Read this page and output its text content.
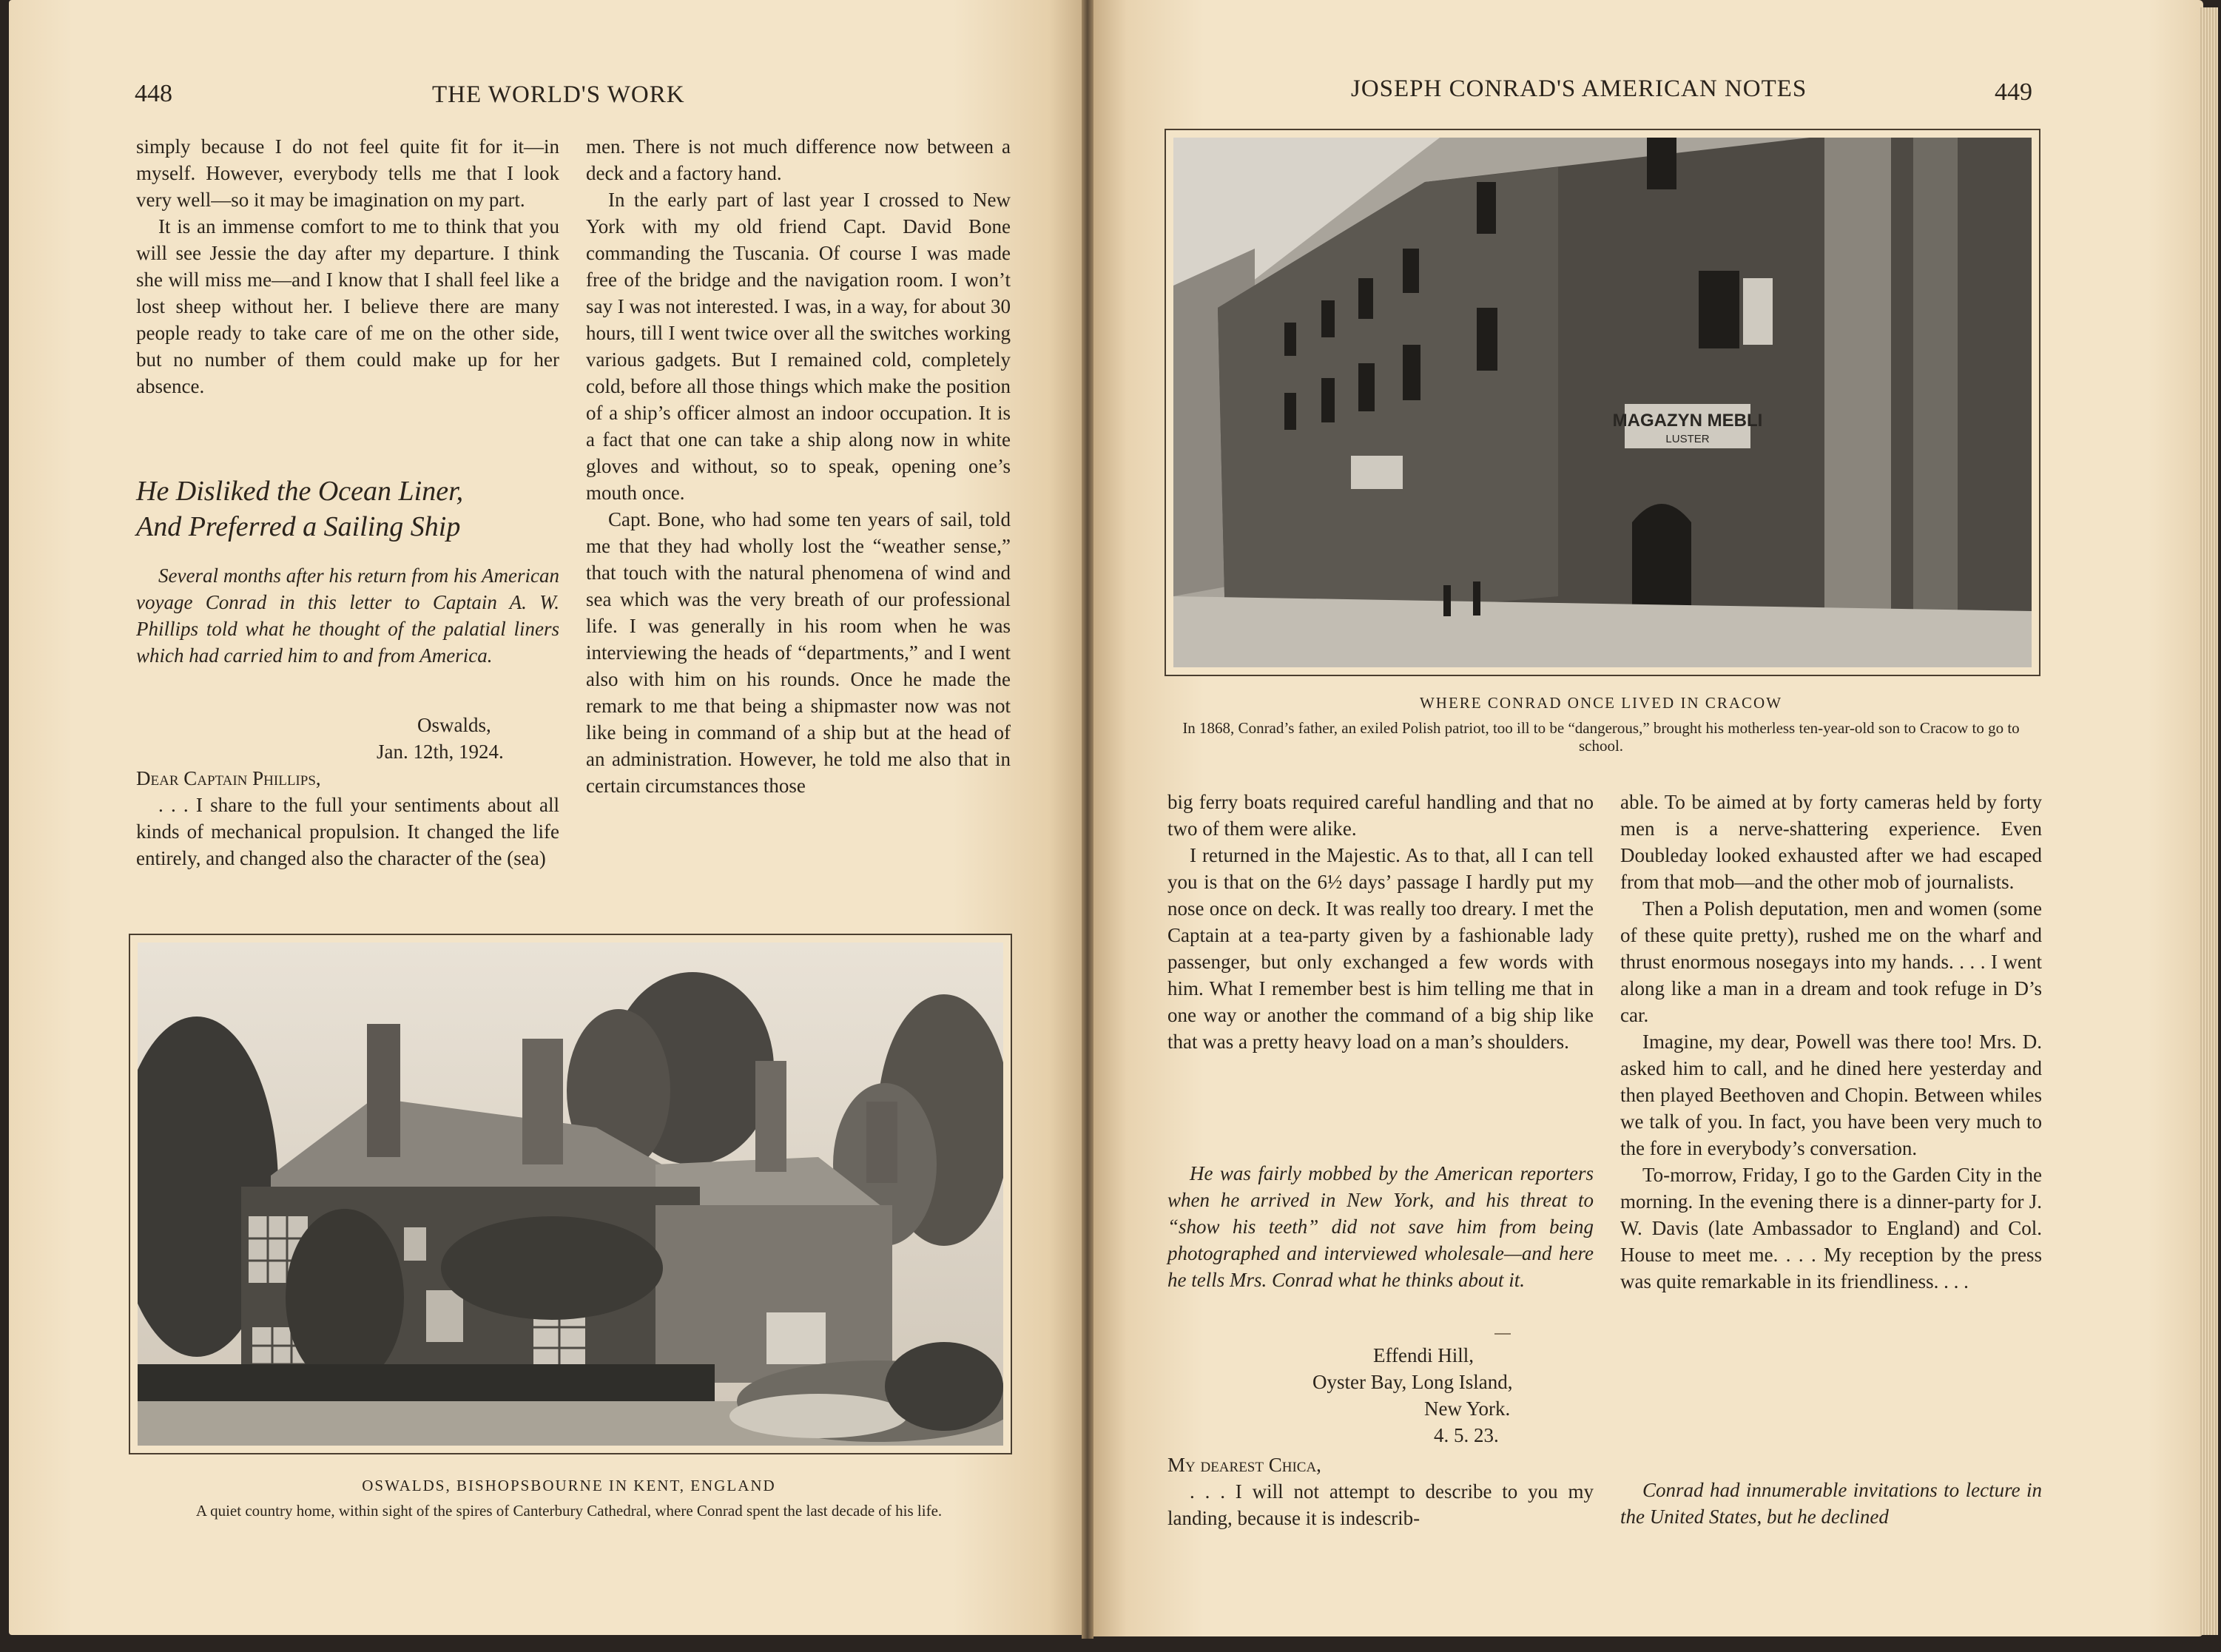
448	THE WORLD'S WORK

simply because I do not feel quite fit for it—in myself. However, everybody tells me that I look very well—so it may be imagination on my part.

It is an immense comfort to me to think that you will see Jessie the day after my departure. I think she will miss me—and I know that I shall feel like a lost sheep without her. I believe there are many people ready to take care of me on the other side, but no number of them could make up for her absence.

He Disliked the Ocean Liner,
And Preferred a Sailing Ship

Several months after his return from his American voyage Conrad in this letter to Captain A. W. Phillips told what he thought of the palatial liners which had carried him to and from America.

Oswalds,

Jan. 12th, 1924.

Dear Captain Phillips,

. . . I share to the full your sentiments about all kinds of mechanical propulsion. It changed the life entirely, and changed also the character of the (sea)

men. There is not much difference now between a deck and a factory hand.

In the early part of last year I crossed to New York with my old friend Capt. David Bone commanding the Tuscania. Of course I was made free of the bridge and the navigation room. I won’t say I was not interested. I was, in a way, for about 30 hours, till I went twice over all the switches working various gadgets. But I remained cold, completely cold, before all those things which make the position of a ship’s officer almost an indoor occupation. It is a fact that one can take a ship along now in white gloves and without, so to speak, opening one’s mouth once.

Capt. Bone, who had some ten years of sail, told me that they had wholly lost the “weather sense,” that touch with the natural phenomena of wind and sea which was the very breath of our professional life. I was generally in his room when he was interviewing the heads of “departments,” and I went also with him on his rounds. Once he made the remark to me that being a shipmaster now was not like being in command of a ship but at the head of an administration. However, he told me also that in certain circumstances those

OSWALDS, BISHOPSBOURNE IN KENT, ENGLAND
A quiet country home, within sight of the spires of Canterbury Cathedral, where Conrad spent the last decade of his life.
JOSEPH CONRAD'S AMERICAN NOTES	449
MAGAZYN MEBLI
LUSTER
WHERE CONRAD ONCE LIVED IN CRACOW
In 1868, Conrad’s father, an exiled Polish patriot, too ill to be “dangerous,” brought his motherless ten-year-old son to Cracow to go to school.

big ferry boats required careful handling and that no two of them were alike.

I returned in the Majestic. As to that, all I can tell you is that on the 6½ days’ passage I hardly put my nose once on deck. It was really too dreary. I met the Captain at a tea-party given by a fashionable lady passenger, but only exchanged a few words with him. What I remember best is him telling me that in one way or another the command of a big ship like that was a pretty heavy load on a man’s shoulders.

He was fairly mobbed by the American reporters when he arrived in New York, and his threat to “show his teeth” did not save him from being photographed and interviewed wholesale—and here he tells Mrs. Conrad what he thinks about it.

Effendi Hill,

Oyster Bay, Long Island,

New York.

4. 5. 23.

My dearest Chica,

. . . I will not attempt to describe to you my landing, because it is indescrib-

able. To be aimed at by forty cameras held by forty men is a nerve-shattering experience. Even Doubleday looked exhausted after we had escaped from that mob—and the other mob of journalists.

Then a Polish deputation, men and women (some of these quite pretty), rushed me on the wharf and thrust enormous nosegays into my hands. . . . I went along like a man in a dream and took refuge in D’s car.

Imagine, my dear, Powell was there too! Mrs. D. asked him to call, and he dined here yesterday and then played Beethoven and Chopin. Between whiles we talk of you. In fact, you have been very much to the fore in everybody’s conversation.

To-morrow, Friday, I go to the Garden City in the morning. In the evening there is a dinner-party for J. W. Davis (late Ambassador to England) and Col. House to meet me. . . . My reception by the press was quite remarkable in its friendliness. . . .

Conrad had innumerable invitations to lecture in the United States, but he declined
